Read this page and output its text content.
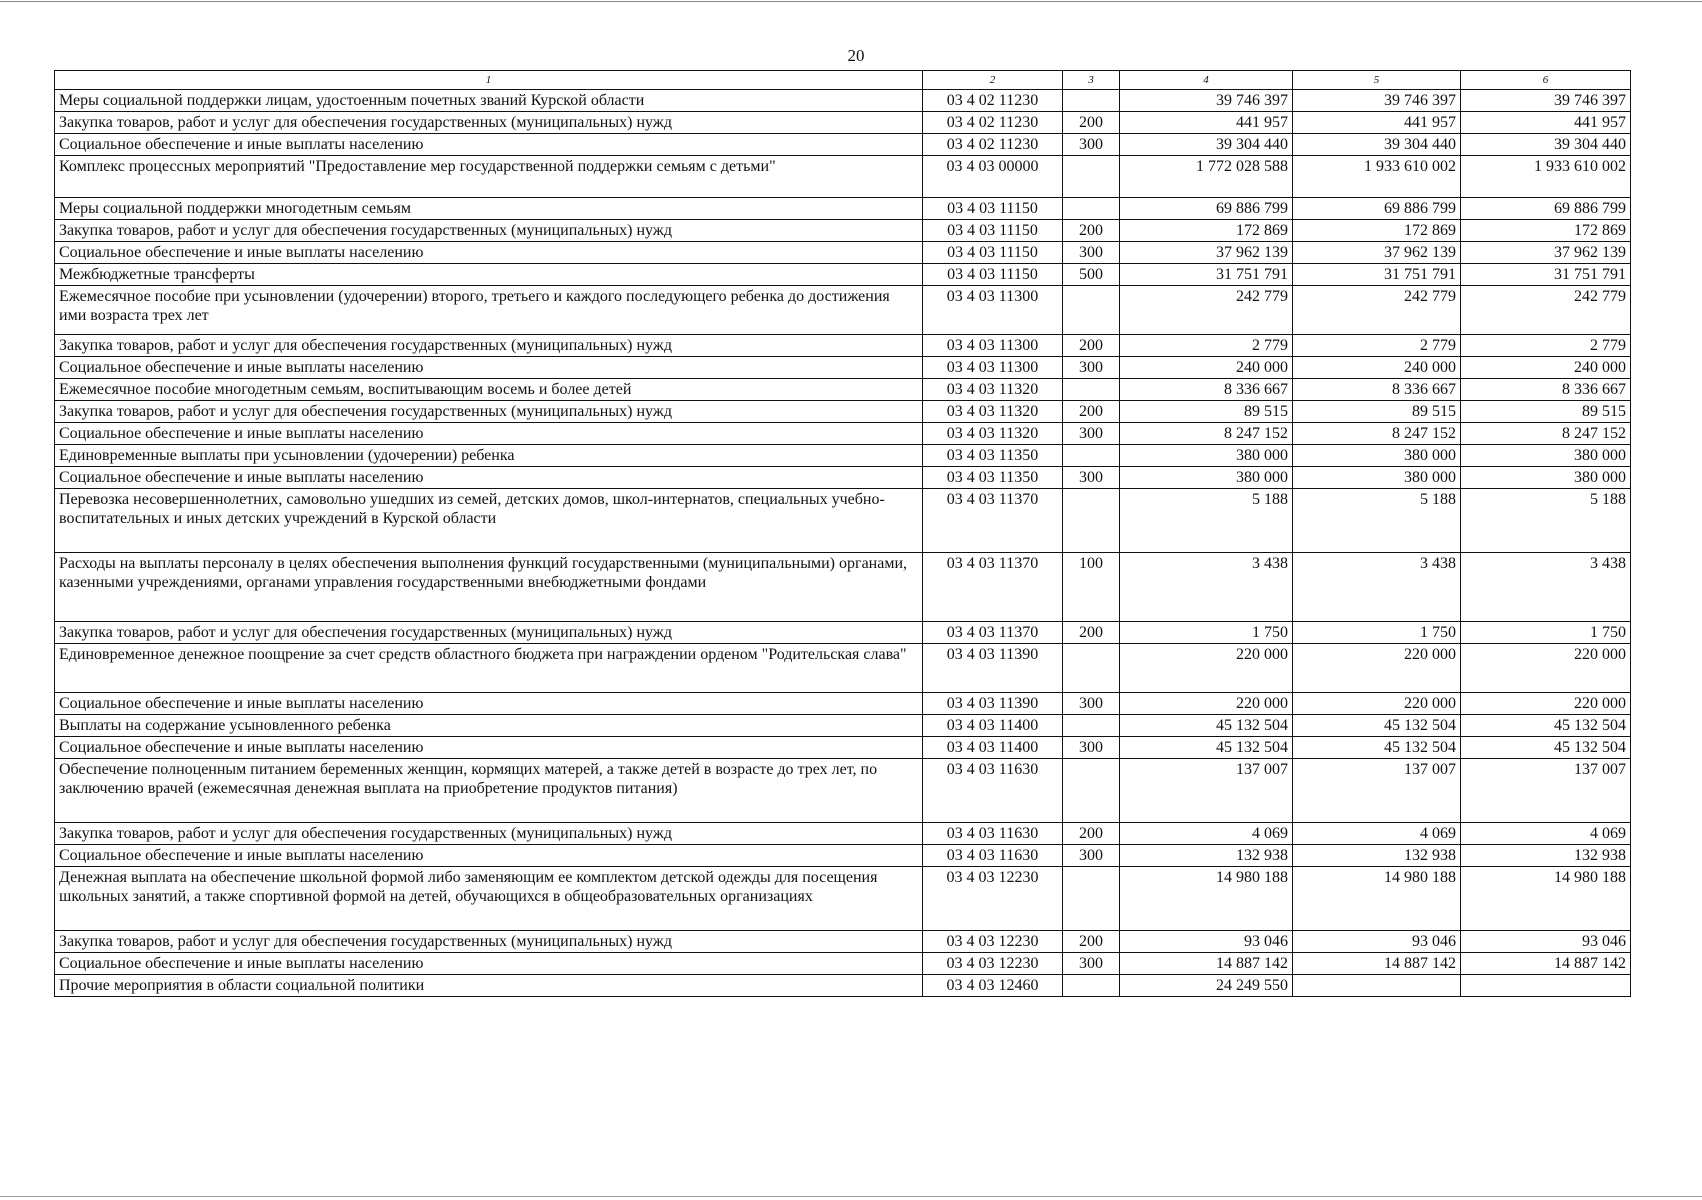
20
1	2	3	4	5	6
Меры социальной поддержки лицам, удостоенным почетных званий Курской области	03 4 02 11230		39 746 397	39 746 397	39 746 397
Закупка товаров, работ и услуг для обеспечения государственных (муниципальных) нужд	03 4 02 11230	200	441 957	441 957	441 957
Социальное обеспечение и иные выплаты населению	03 4 02 11230	300	39 304 440	39 304 440	39 304 440
Комплекс процессных мероприятий "Предоставление мер государственной поддержки семьям с детьми"	03 4 03 00000		1 772 028 588	1 933 610 002	1 933 610 002
Меры социальной поддержки многодетным семьям	03 4 03 11150		69 886 799	69 886 799	69 886 799
Закупка товаров, работ и услуг для обеспечения государственных (муниципальных) нужд	03 4 03 11150	200	172 869	172 869	172 869
Социальное обеспечение и иные выплаты населению	03 4 03 11150	300	37 962 139	37 962 139	37 962 139
Межбюджетные трансферты	03 4 03 11150	500	31 751 791	31 751 791	31 751 791
Ежемесячное пособие при усыновлении (удочерении) второго, третьего и каждого последующего ребенка до достижения ими возраста трех лет	03 4 03 11300		242 779	242 779	242 779
Закупка товаров, работ и услуг для обеспечения государственных (муниципальных) нужд	03 4 03 11300	200	2 779	2 779	2 779
Социальное обеспечение и иные выплаты населению	03 4 03 11300	300	240 000	240 000	240 000
Ежемесячное пособие многодетным семьям, воспитывающим восемь и более детей	03 4 03 11320		8 336 667	8 336 667	8 336 667
Закупка товаров, работ и услуг для обеспечения государственных (муниципальных) нужд	03 4 03 11320	200	89 515	89 515	89 515
Социальное обеспечение и иные выплаты населению	03 4 03 11320	300	8 247 152	8 247 152	8 247 152
Единовременные выплаты при усыновлении (удочерении) ребенка	03 4 03 11350		380 000	380 000	380 000
Социальное обеспечение и иные выплаты населению	03 4 03 11350	300	380 000	380 000	380 000
Перевозка несовершеннолетних, самовольно ушедших из семей, детских домов, школ-интернатов, специальных учебно-воспитательных и иных детских учреждений в Курской области	03 4 03 11370		5 188	5 188	5 188
Расходы на выплаты персоналу в целях обеспечения выполнения функций государственными (муниципальными) органами, казенными учреждениями, органами управления государственными внебюджетными фондами	03 4 03 11370	100	3 438	3 438	3 438
Закупка товаров, работ и услуг для обеспечения государственных (муниципальных) нужд	03 4 03 11370	200	1 750	1 750	1 750
Единовременное денежное поощрение за счет средств областного бюджета при награждении орденом "Родительская слава"	03 4 03 11390		220 000	220 000	220 000
Социальное обеспечение и иные выплаты населению	03 4 03 11390	300	220 000	220 000	220 000
Выплаты на содержание усыновленного ребенка	03 4 03 11400		45 132 504	45 132 504	45 132 504
Социальное обеспечение и иные выплаты населению	03 4 03 11400	300	45 132 504	45 132 504	45 132 504
Обеспечение полноценным питанием беременных женщин, кормящих матерей, а также детей в возрасте до трех лет, по заключению врачей (ежемесячная денежная выплата на приобретение продуктов питания)	03 4 03 11630		137 007	137 007	137 007
Закупка товаров, работ и услуг для обеспечения государственных (муниципальных) нужд	03 4 03 11630	200	4 069	4 069	4 069
Социальное обеспечение и иные выплаты населению	03 4 03 11630	300	132 938	132 938	132 938
Денежная выплата на обеспечение школьной формой либо заменяющим ее комплектом детской одежды для посещения школьных занятий, а также спортивной формой на детей, обучающихся в общеобразовательных организациях	03 4 03 12230		14 980 188	14 980 188	14 980 188
Закупка товаров, работ и услуг для обеспечения государственных (муниципальных) нужд	03 4 03 12230	200	93 046	93 046	93 046
Социальное обеспечение и иные выплаты населению	03 4 03 12230	300	14 887 142	14 887 142	14 887 142
Прочие мероприятия в области социальной политики	03 4 03 12460		24 249 550		
